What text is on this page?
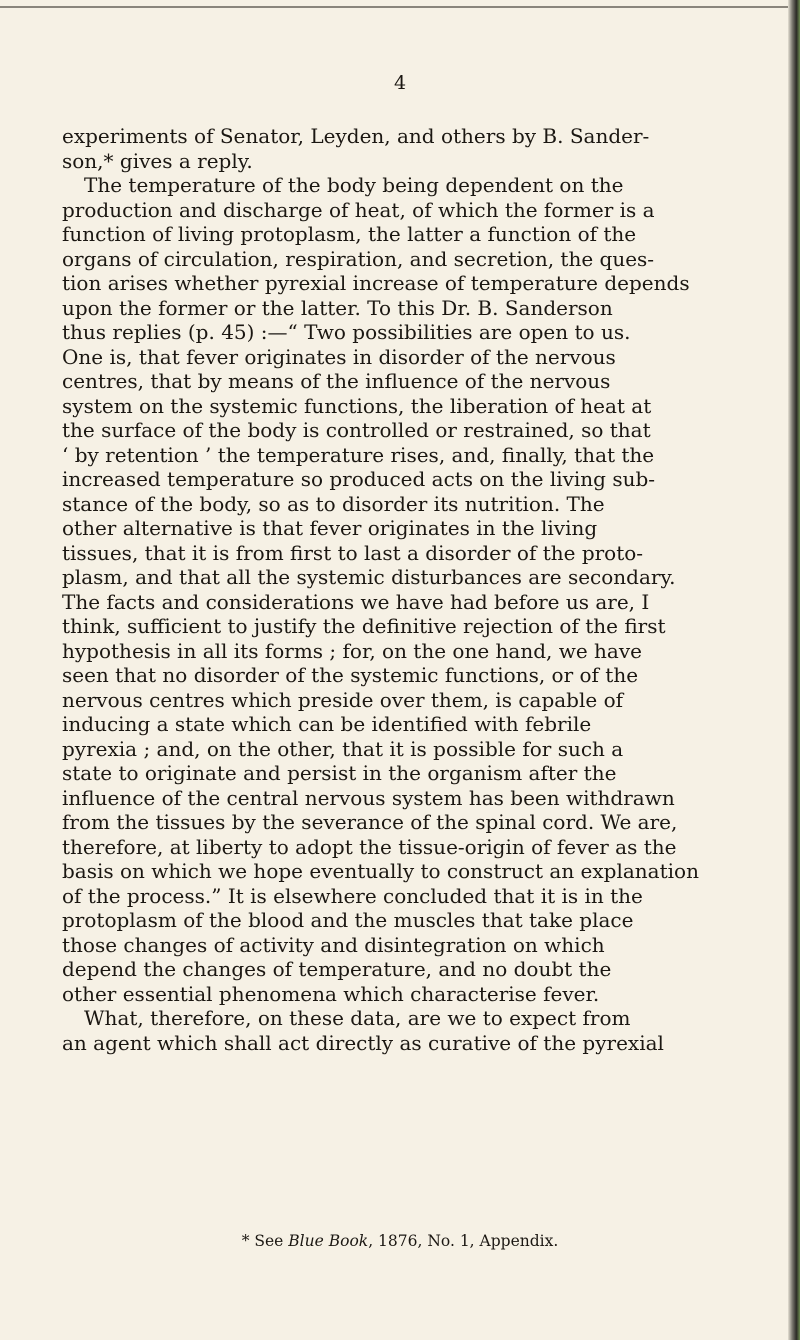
4
experiments of Senator, Leyden, and others by B. Sander-
son,* gives a reply.
The temperature of the body being dependent on the
production and discharge of heat, of which the former is a
function of living protoplasm, the latter a function of the
organs of circulation, respiration, and secretion, the ques-
tion arises whether pyrexial increase of temperature depends
upon the former or the latter. To this Dr. B. Sanderson
thus replies (p. 45) :—“ Two possibilities are open to us.
One is, that fever originates in disorder of the nervous
centres, that by means of the influence of the nervous
system on the systemic functions, the liberation of heat at
the surface of the body is controlled or restrained, so that
‘ by retention ’ the temperature rises, and, finally, that the
increased temperature so produced acts on the living sub-
stance of the body, so as to disorder its nutrition. The
other alternative is that fever originates in the living
tissues, that it is from first to last a disorder of the proto-
plasm, and that all the systemic disturbances are secondary.
The facts and considerations we have had before us are, I
think, sufficient to justify the definitive rejection of the first
hypothesis in all its forms ; for, on the one hand, we have
seen that no disorder of the systemic functions, or of the
nervous centres which preside over them, is capable of
inducing a state which can be identified with febrile
pyrexia ; and, on the other, that it is possible for such a
state to originate and persist in the organism after the
influence of the central nervous system has been withdrawn
from the tissues by the severance of the spinal cord. We are,
therefore, at liberty to adopt the tissue-origin of fever as the
basis on which we hope eventually to construct an explanation
of the process.” It is elsewhere concluded that it is in the
protoplasm of the blood and the muscles that take place
those changes of activity and disintegration on which
depend the changes of temperature, and no doubt the
other essential phenomena which characterise fever.
What, therefore, on these data, are we to expect from
an agent which shall act directly as curative of the pyrexial
* See Blue Book, 1876, No. 1, Appendix.
